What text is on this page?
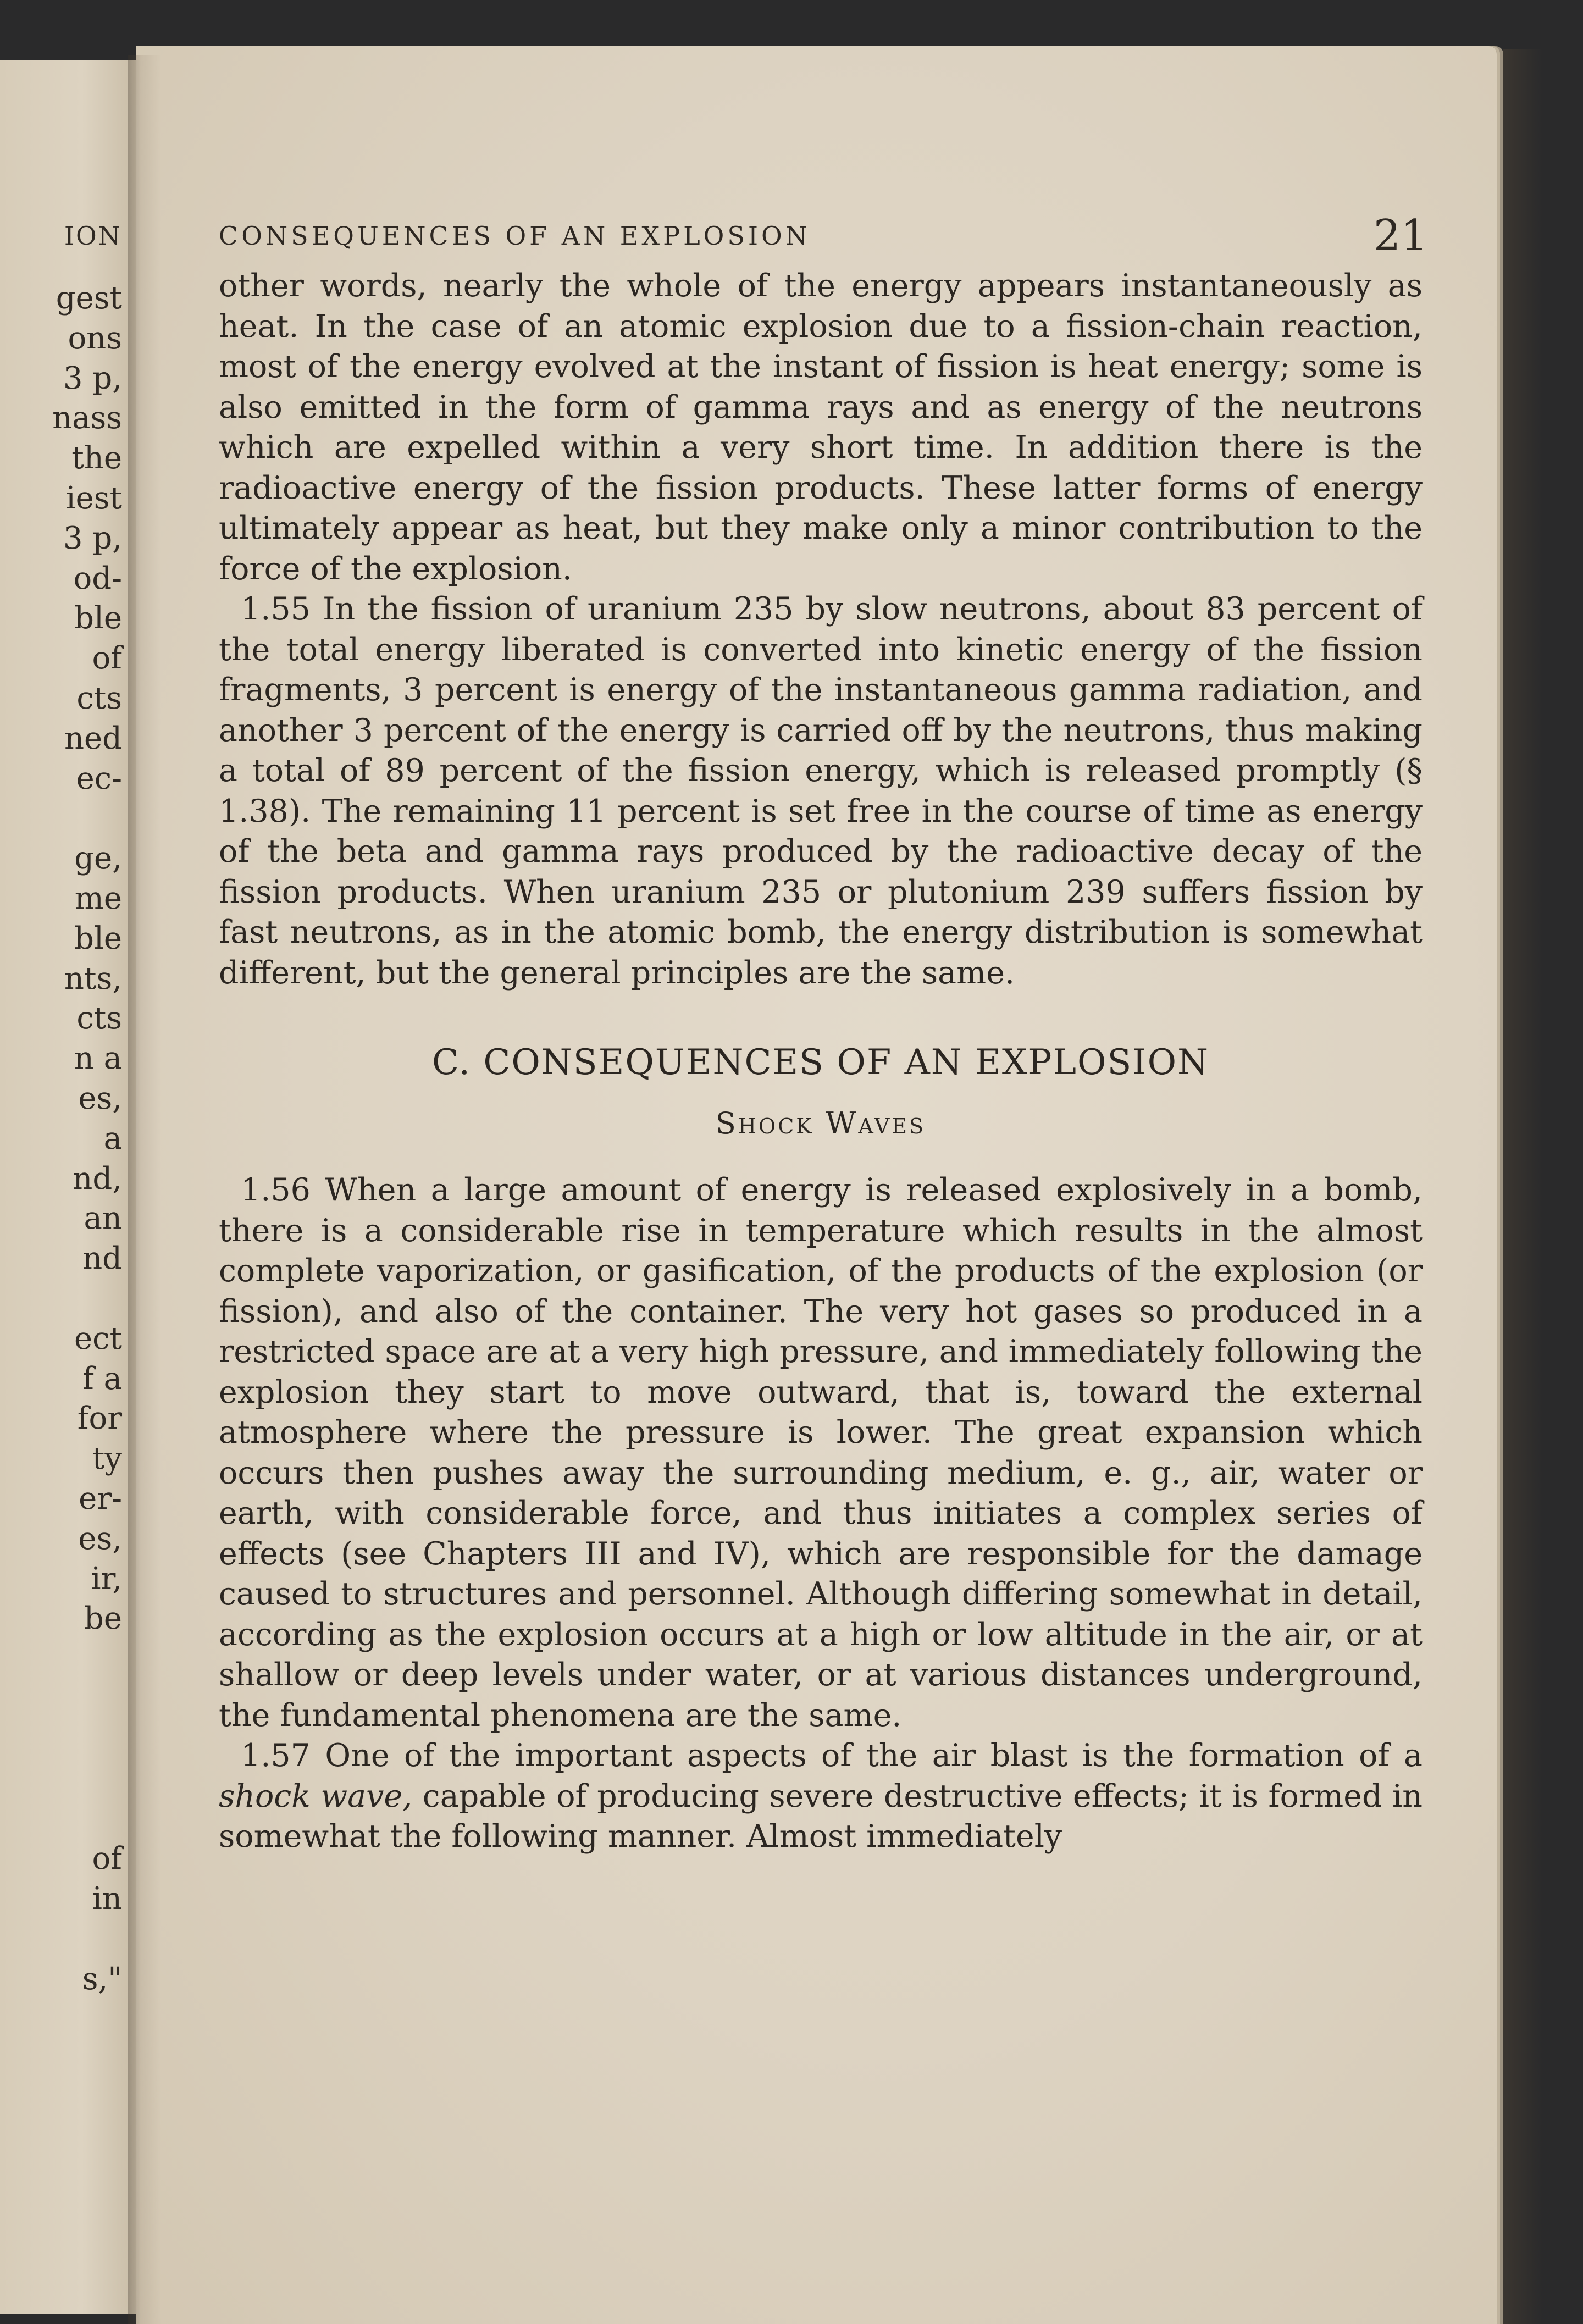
ION
gest
ons
3 p,
nass
the
iest
3 p,
od-
ble
of
cts
ned
ec-
ge,
me
ble
nts,
cts
n a
es,
a
nd,
an
nd
ect
f a
for
ty
er-
es,
ir,
be
of
in
s,"
CONSEQUENCES OF AN EXPLOSION	21

other words, nearly the whole of the energy appears instantaneously as heat. In the case of an atomic explosion due to a fission-chain reaction, most of the energy evolved at the instant of fission is heat energy; some is also emitted in the form of gamma rays and as energy of the neutrons which are expelled within a very short time. In addition there is the radioactive energy of the fission products. These latter forms of energy ultimately appear as heat, but they make only a minor contribution to the force of the explosion.

1.55 In the fission of uranium 235 by slow neutrons, about 83 percent of the total energy liberated is converted into kinetic energy of the fission fragments, 3 percent is energy of the instantaneous gamma radiation, and another 3 percent of the energy is carried off by the neutrons, thus making a total of 89 percent of the fission energy, which is released promptly (§ 1.38). The remaining 11 percent is set free in the course of time as energy of the beta and gamma rays produced by the radioactive decay of the fission products. When uranium 235 or plutonium 239 suffers fission by fast neutrons, as in the atomic bomb, the energy distribution is somewhat different, but the general principles are the same.

C. CONSEQUENCES OF AN EXPLOSION
Shock Waves

1.56 When a large amount of energy is released explosively in a bomb, there is a considerable rise in temperature which results in the almost complete vaporization, or gasification, of the products of the explosion (or fission), and also of the container. The very hot gases so produced in a restricted space are at a very high pressure, and immediately following the explosion they start to move outward, that is, toward the external atmosphere where the pressure is lower. The great expansion which occurs then pushes away the surrounding medium, e. g., air, water or earth, with considerable force, and thus initiates a complex series of effects (see Chapters III and IV), which are responsible for the damage caused to structures and personnel. Although differing somewhat in detail, according as the explosion occurs at a high or low altitude in the air, or at shallow or deep levels under water, or at various distances underground, the fundamental phenomena are the same.

1.57 One of the important aspects of the air blast is the formation of a shock wave, capable of producing severe destructive effects; it is formed in somewhat the following manner. Almost immediately
